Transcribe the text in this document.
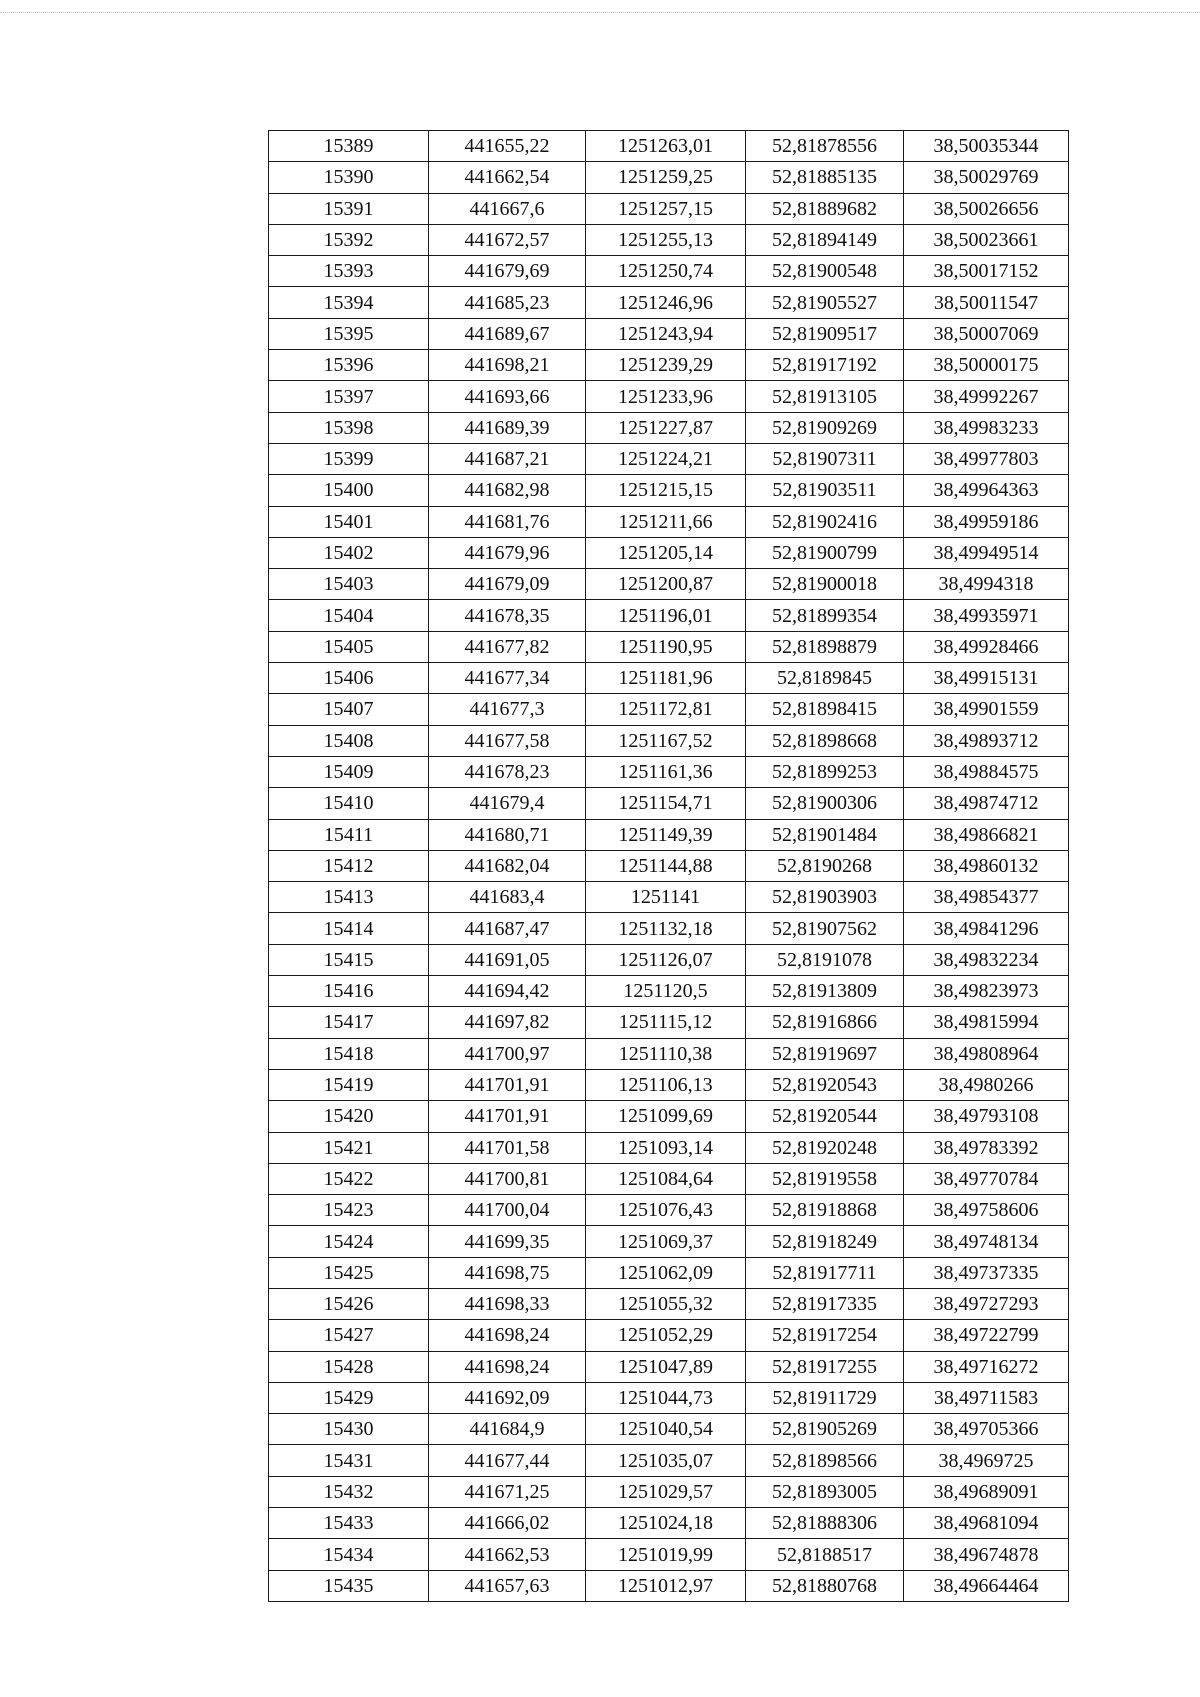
15389	441655,22	1251263,01	52,81878556	38,50035344
15390	441662,54	1251259,25	52,81885135	38,50029769
15391	441667,6	1251257,15	52,81889682	38,50026656
15392	441672,57	1251255,13	52,81894149	38,50023661
15393	441679,69	1251250,74	52,81900548	38,50017152
15394	441685,23	1251246,96	52,81905527	38,50011547
15395	441689,67	1251243,94	52,81909517	38,50007069
15396	441698,21	1251239,29	52,81917192	38,50000175
15397	441693,66	1251233,96	52,81913105	38,49992267
15398	441689,39	1251227,87	52,81909269	38,49983233
15399	441687,21	1251224,21	52,81907311	38,49977803
15400	441682,98	1251215,15	52,81903511	38,49964363
15401	441681,76	1251211,66	52,81902416	38,49959186
15402	441679,96	1251205,14	52,81900799	38,49949514
15403	441679,09	1251200,87	52,81900018	38,4994318
15404	441678,35	1251196,01	52,81899354	38,49935971
15405	441677,82	1251190,95	52,81898879	38,49928466
15406	441677,34	1251181,96	52,8189845	38,49915131
15407	441677,3	1251172,81	52,81898415	38,49901559
15408	441677,58	1251167,52	52,81898668	38,49893712
15409	441678,23	1251161,36	52,81899253	38,49884575
15410	441679,4	1251154,71	52,81900306	38,49874712
15411	441680,71	1251149,39	52,81901484	38,49866821
15412	441682,04	1251144,88	52,8190268	38,49860132
15413	441683,4	1251141	52,81903903	38,49854377
15414	441687,47	1251132,18	52,81907562	38,49841296
15415	441691,05	1251126,07	52,8191078	38,49832234
15416	441694,42	1251120,5	52,81913809	38,49823973
15417	441697,82	1251115,12	52,81916866	38,49815994
15418	441700,97	1251110,38	52,81919697	38,49808964
15419	441701,91	1251106,13	52,81920543	38,4980266
15420	441701,91	1251099,69	52,81920544	38,49793108
15421	441701,58	1251093,14	52,81920248	38,49783392
15422	441700,81	1251084,64	52,81919558	38,49770784
15423	441700,04	1251076,43	52,81918868	38,49758606
15424	441699,35	1251069,37	52,81918249	38,49748134
15425	441698,75	1251062,09	52,81917711	38,49737335
15426	441698,33	1251055,32	52,81917335	38,49727293
15427	441698,24	1251052,29	52,81917254	38,49722799
15428	441698,24	1251047,89	52,81917255	38,49716272
15429	441692,09	1251044,73	52,81911729	38,49711583
15430	441684,9	1251040,54	52,81905269	38,49705366
15431	441677,44	1251035,07	52,81898566	38,4969725
15432	441671,25	1251029,57	52,81893005	38,49689091
15433	441666,02	1251024,18	52,81888306	38,49681094
15434	441662,53	1251019,99	52,8188517	38,49674878
15435	441657,63	1251012,97	52,81880768	38,49664464
